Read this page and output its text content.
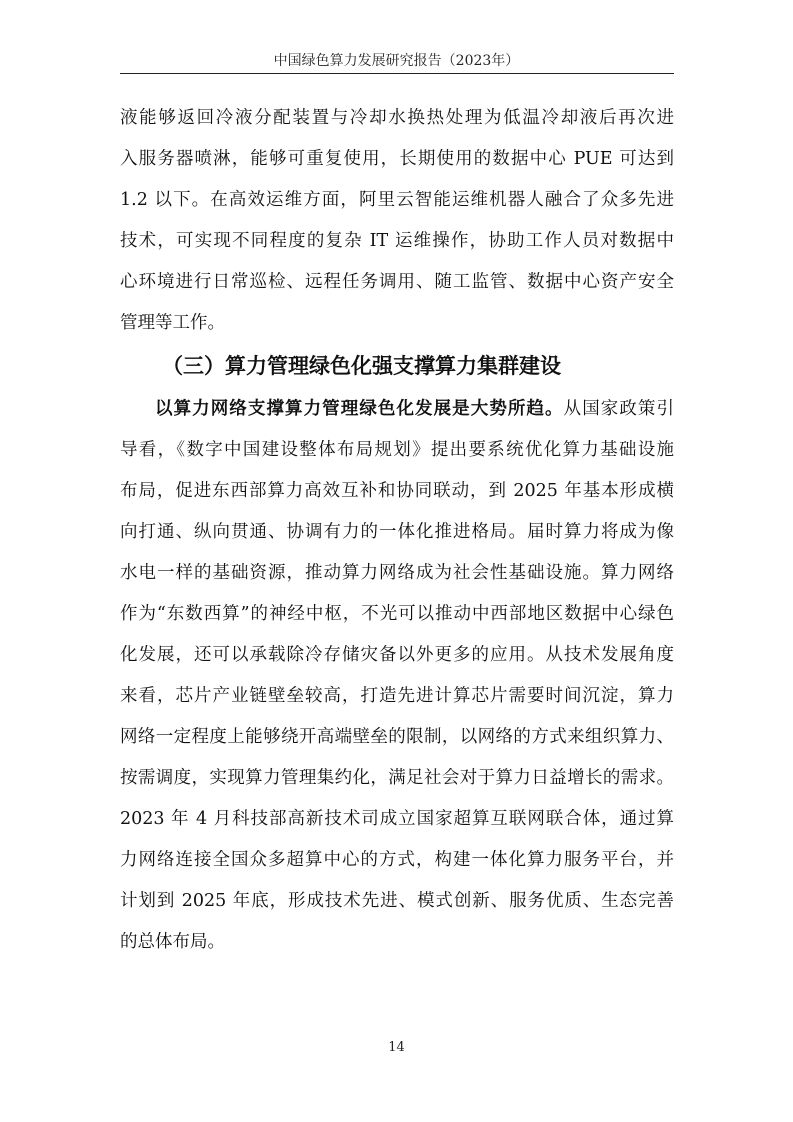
中国绿色算力发展研究报告（2023年）
液能够返回冷液分配装置与冷却水换热处理为低温冷却液后再次进
入服务器喷淋，能够可重复使用，长期使用的数据中心 PUE 可达到
1.2 以下。在高效运维方面，阿里云智能运维机器人融合了众多先进
技术，可实现不同程度的复杂 IT 运维操作，协助工作人员对数据中
心环境进行日常巡检、远程任务调用、随工监管、数据中心资产安全
管理等工作。
（三）算力管理绿色化强支撑算力集群建设
以算力网络支撑算力管理绿色化发展是大势所趋。从国家政策引
导看，《数字中国建设整体布局规划》提出要系统优化算力基础设施
布局，促进东西部算力高效互补和协同联动，到 2025 年基本形成横
向打通、纵向贯通、协调有力的一体化推进格局。届时算力将成为像
水电一样的基础资源，推动算力网络成为社会性基础设施。算力网络
作为“东数西算”的神经中枢，不光可以推动中西部地区数据中心绿色
化发展，还可以承载除冷存储灾备以外更多的应用。从技术发展角度
来看，芯片产业链壁垒较高，打造先进计算芯片需要时间沉淀，算力
网络一定程度上能够绕开高端壁垒的限制，以网络的方式来组织算力、
按需调度，实现算力管理集约化，满足社会对于算力日益增长的需求。
2023 年 4 月科技部高新技术司成立国家超算互联网联合体，通过算
力网络连接全国众多超算中心的方式，构建一体化算力服务平台，并
计划到 2025 年底，形成技术先进、模式创新、服务优质、生态完善
的总体布局。
14
